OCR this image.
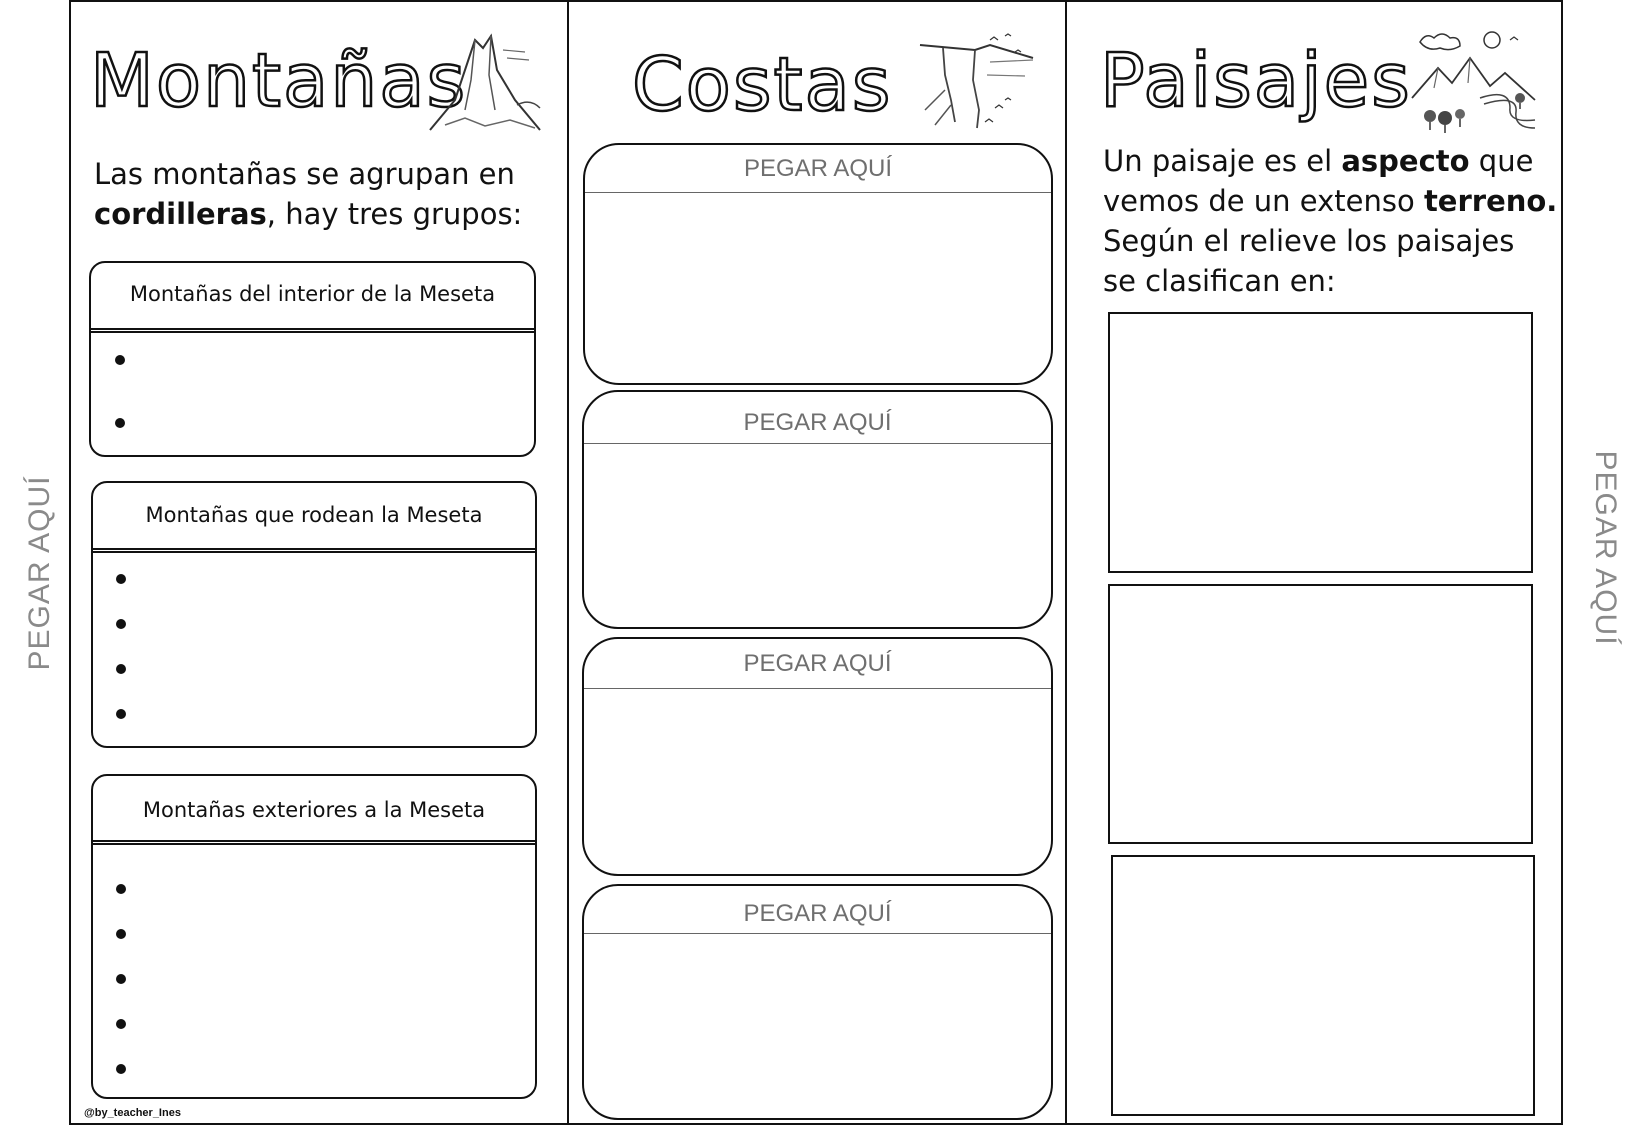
PEGAR AQUÍ	PEGAR AQUÍ
Montañas
Las montañas se agrupan en
cordilleras, hay tres grupos:
Montañas del interior de la Meseta
Montañas que rodean la Meseta
Montañas exteriores a la Meseta
@by_teacher_Ines
Costas
PEGAR AQUÍ
PEGAR AQUÍ
PEGAR AQUÍ
PEGAR AQUÍ
Paisajes
Un paisaje es el aspecto que
vemos de un extenso terreno.
Según el relieve los paisajes
se clasifican en:
